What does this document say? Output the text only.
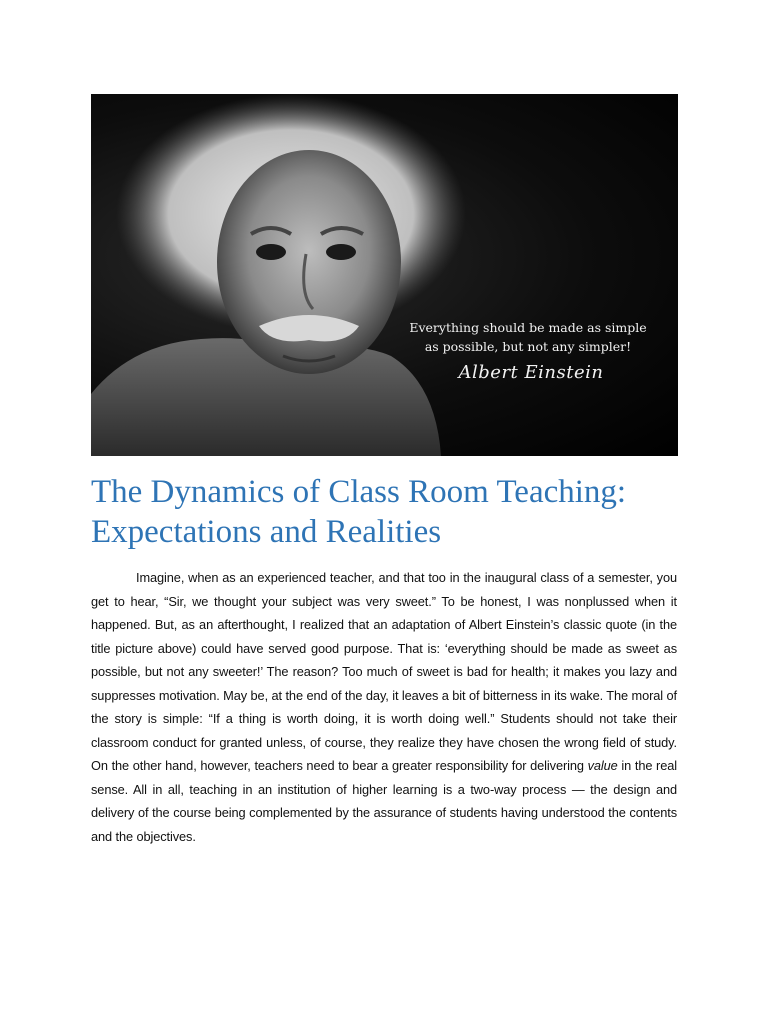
Everything should be made as simple
as possible, but not any simpler!
Albert Einstein
The Dynamics of Class Room Teaching:
Expectations and Realities

Imagine, when as an experienced teacher, and that too in the inaugural class of a semester, you get to hear, “Sir, we thought your subject was very sweet.” To be honest, I was nonplussed when it happened. But, as an afterthought, I realized that an adaptation of Albert Einstein’s classic quote (in the title picture above) could have served good purpose. That is: ‘everything should be made as sweet as possible, but not any sweeter!’ The reason? Too much of sweet is bad for health; it makes you lazy and suppresses motivation. May be, at the end of the day, it leaves a bit of bitterness in its wake. The moral of the story is simple: “If a thing is worth doing, it is worth doing well.” Students should not take their classroom conduct for granted unless, of course, they realize they have chosen the wrong field of study. On the other hand, however, teachers need to bear a greater responsibility for delivering value in the real sense. All in all, teaching in an institution of higher learning is a two-way process — the design and delivery of the course being complemented by the assurance of students having understood the contents and the objectives.
